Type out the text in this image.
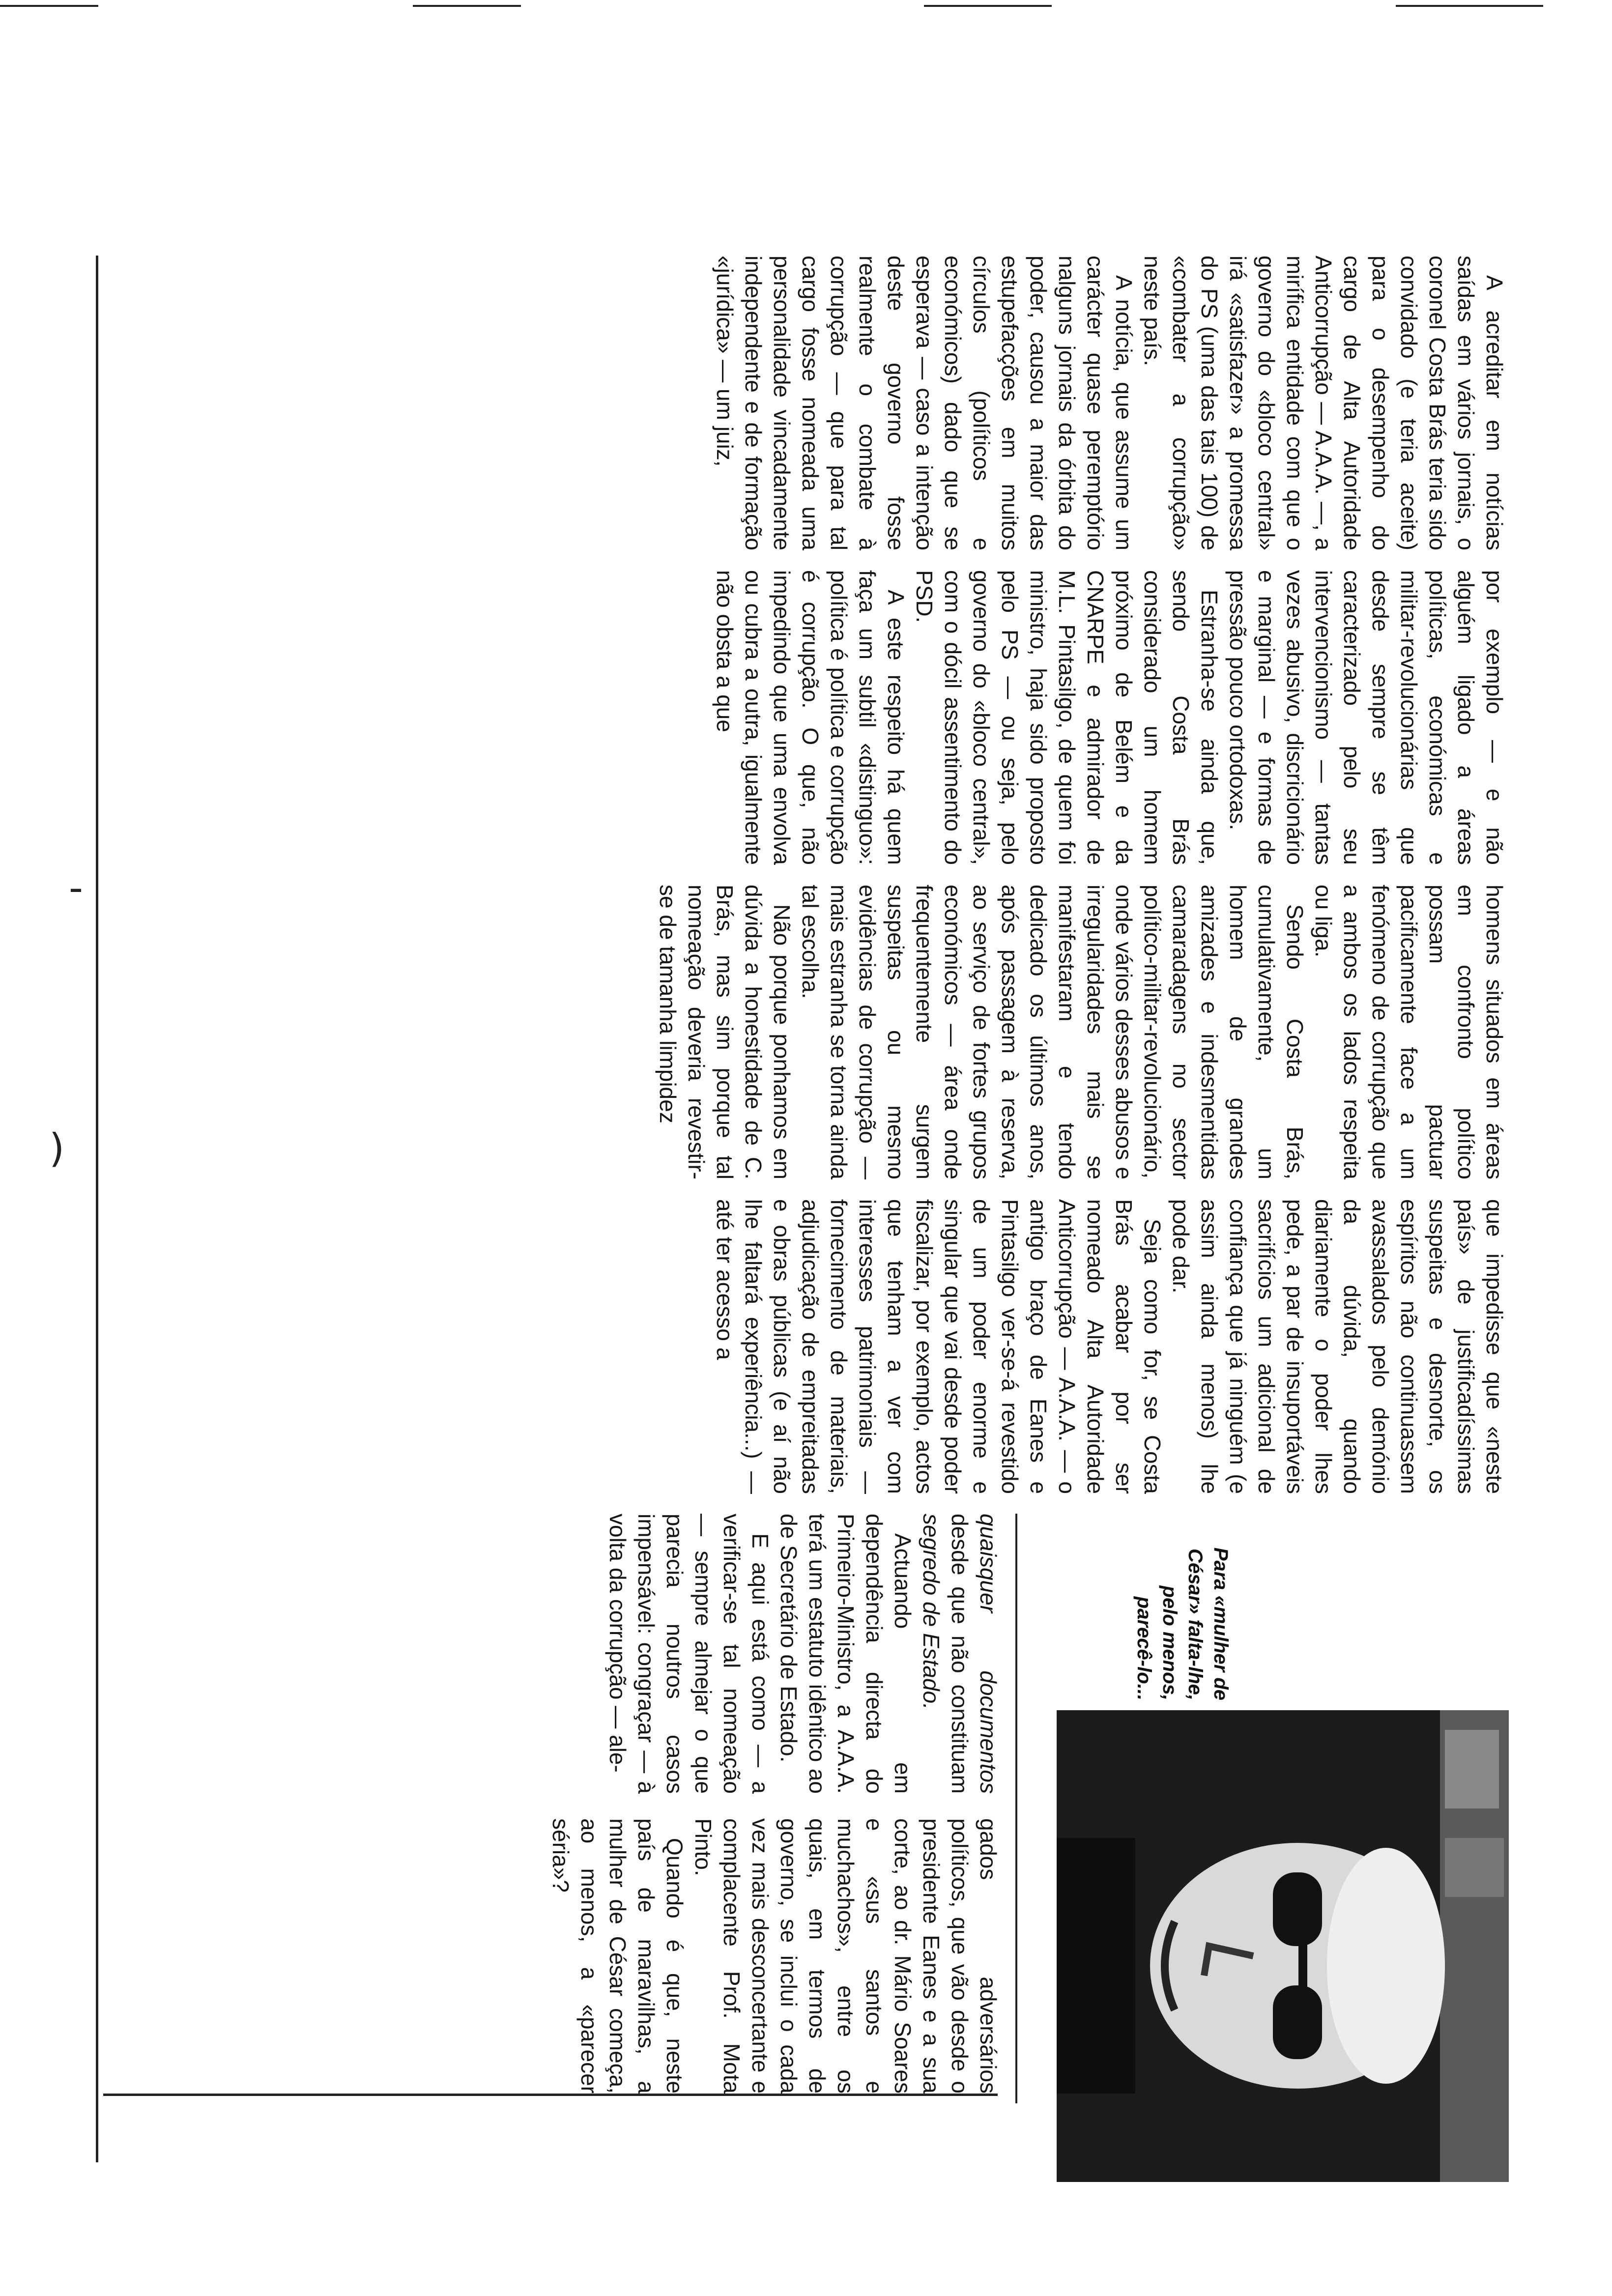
)
‐

A acreditar em notícias saídas em vários jornais, o coronel Costa Brás teria sido convidado (e teria aceite) para o desempenho do cargo de Alta Autoridade Anticorrupção — A.A.A. —, a mirífica entidade com que o governo do «bloco central» irá «satisfazer» a promessa do PS (uma das tais 100) de «combater a corrupção» neste país.

A notícia, que assume um carácter quase peremptório nalguns jornais da órbita do poder, causou a maior das estupefacções em muitos círculos (políticos e económicos) dado que se esperava — caso a intenção deste governo fosse realmente o combate à corrupção — que para tal cargo fosse nomeada uma personalidade vincadamente independente e de formação «jurídica» — um juiz,

por exemplo — e não alguém ligado a áreas políticas, económicas e militar-revolucionárias que desde sempre se têm caracterizado pelo seu intervencionismo — tantas vezes abusivo, discricionário e marginal — e formas de pressão pouco ortodoxas.

Estranha-se ainda que, sendo Costa Brás considerado um homem próximo de Belém e da CNARPE e admirador de M.L. Pintasilgo, de quem foi ministro, haja sido proposto pelo PS — ou seja, pelo governo do «bloco central», com o dócil assentimento do PSD.

A este respeito há quem faça um subtil «distinguo»: política é política e corrupção é corrupção. O que, não impedindo que uma envolva ou cubra a outra, igualmente não obsta a que

homens situados em áreas em confronto político possam pactuar pacificamente face a um fenómeno de corrupção que a ambos os lados respeita ou liga.

Sendo Costa Brás, cumulativamente, um homem de grandes amizades e indesmentidas camaradagens no sector político-militar-revolucionário, onde vários desses abusos e irregularidades mais se manifestaram e tendo dedicado os últimos anos, após passagem à reserva, ao serviço de fortes grupos económicos — área onde frequentemente surgem suspeitas ou mesmo evidências de corrupção — mais estranha se torna ainda tal escolha.

Não porque ponhamos em dúvida a honestidade de C. Brás, mas sim porque tal nomeação deveria revestir-se de tamanha limpidez

que impedisse que «neste país» de justificadíssimas suspeitas e desnorte, os espíritos não continuassem avassalados pelo demónio da dúvida, quando diariamente o poder lhes pede, a par de insuportáveis sacrifícios um adicional de confiança que já ninguém (e assim ainda menos) lhe pode dar.

Seja como for, se Costa Brás acabar por ser nomeado Alta Autoridade Anticorrupção — A.A.A. — o antigo braço de Eanes e Pintasilgo ver-se-á revestido de um poder enorme e singular que vai desde poder fiscalizar, por exemplo, actos que tenham a ver com interesses patrimoniais — fornecimento de materiais, adjudicação de empreitadas e obras públicas (e aí não lhe faltará experiência...) — até ter acesso a

Para «mulher de César» falta-lhe, pelo menos, parecê-lo...

quaisquer documentos desde que não constituam segredo de Estado.

Actuando em dependência directa do Primeiro-Ministro, a A.A.A. terá um estatuto idêntico ao de Secretário de Estado.

E aqui está como — a verificar-se tal nomeação — sempre almejar o que parecia noutros casos impensável: congraçar — à volta da corrupção — ale-

gados adversários políticos, que vão desde o presidente Eanes e a sua corte, ao dr. Mário Soares e «sus santos e muchachos», entre os quais, em termos de governo, se inclui o cada vez mais desconcertante e complacente Prof. Mota Pinto.

Quando é que, neste país de maravilhas, a mulher de César começa, ao menos, a «parecer séria»?
